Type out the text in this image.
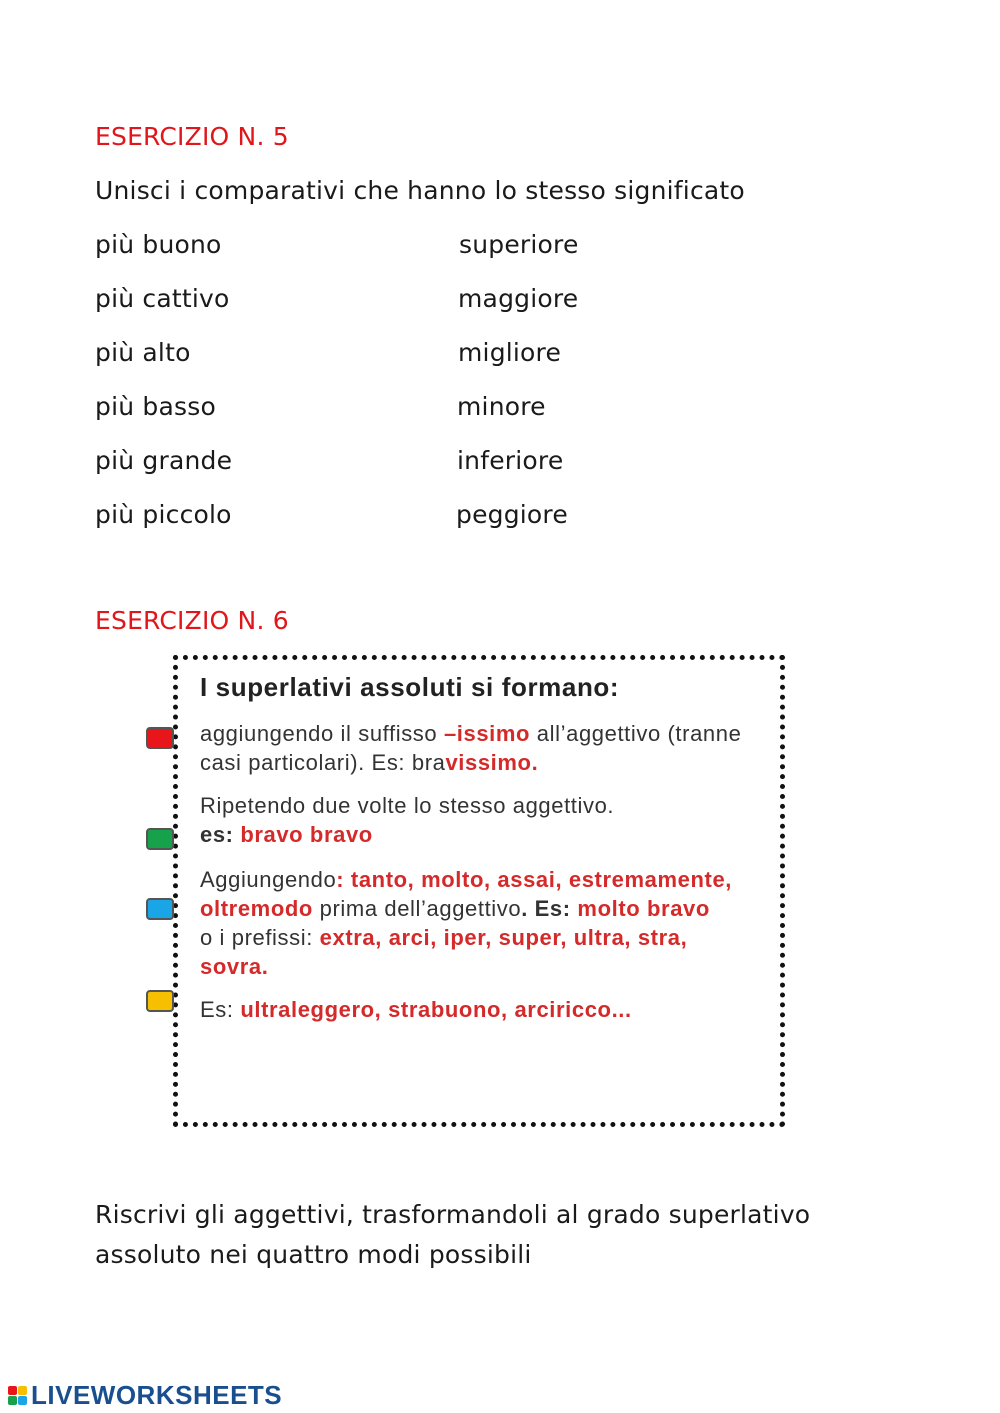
ESERCIZIO N. 5
Unisci i comparativi che hanno lo stesso significato
più buono	superiore
più cattivo	maggiore
più alto	migliore
più basso	minore
più grande	inferiore
più piccolo	peggiore
ESERCIZIO N. 6
I superlativi assoluti si formano:
aggiungendo il suffisso –issimo all’aggettivo (tranne casi particolari). Es: bravissimo.
Ripetendo due volte lo stesso aggettivo.
es: bravo bravo
Aggiungendo: tanto, molto, assai, estremamente, oltremodo prima dell’aggettivo. Es: molto bravo
o i prefissi: extra, arci, iper, super, ultra, stra, sovra.
Es: ultraleggero, strabuono, arciricco...
Riscrivi gli aggettivi, trasformandoli al grado superlativo
assoluto nei quattro modi possibili
LIVEWORKSHEETS
